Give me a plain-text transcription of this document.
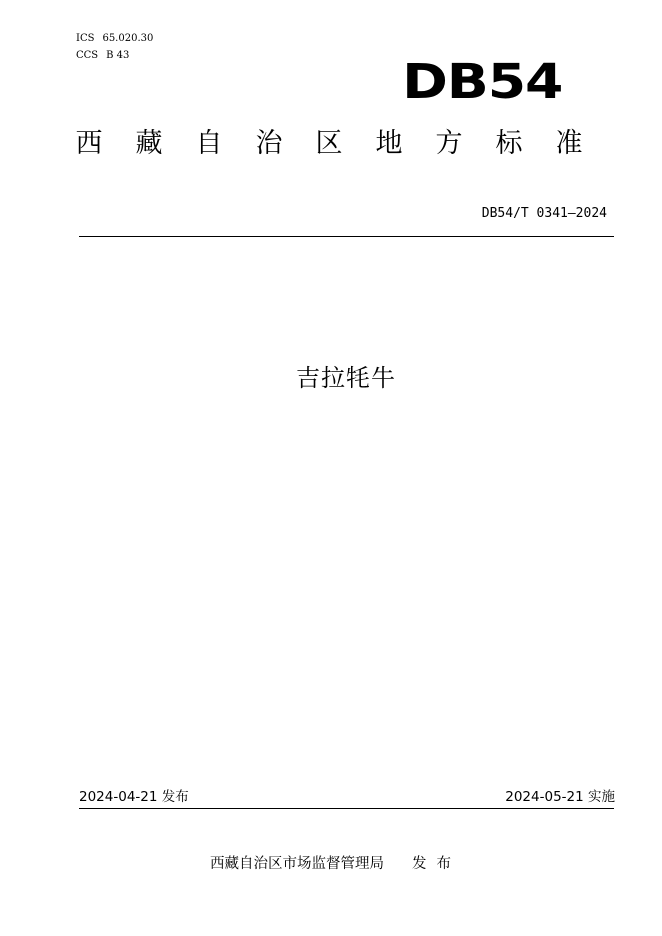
ICS 65.020.30
CCS B 43	DB54
西 藏 自 治 区 地 方 标 准
DB54/T 0341—2024
吉拉牦牛
2024-04-21 发布	2024-05-21 实施
西藏自治区市场监督管理局 发布
